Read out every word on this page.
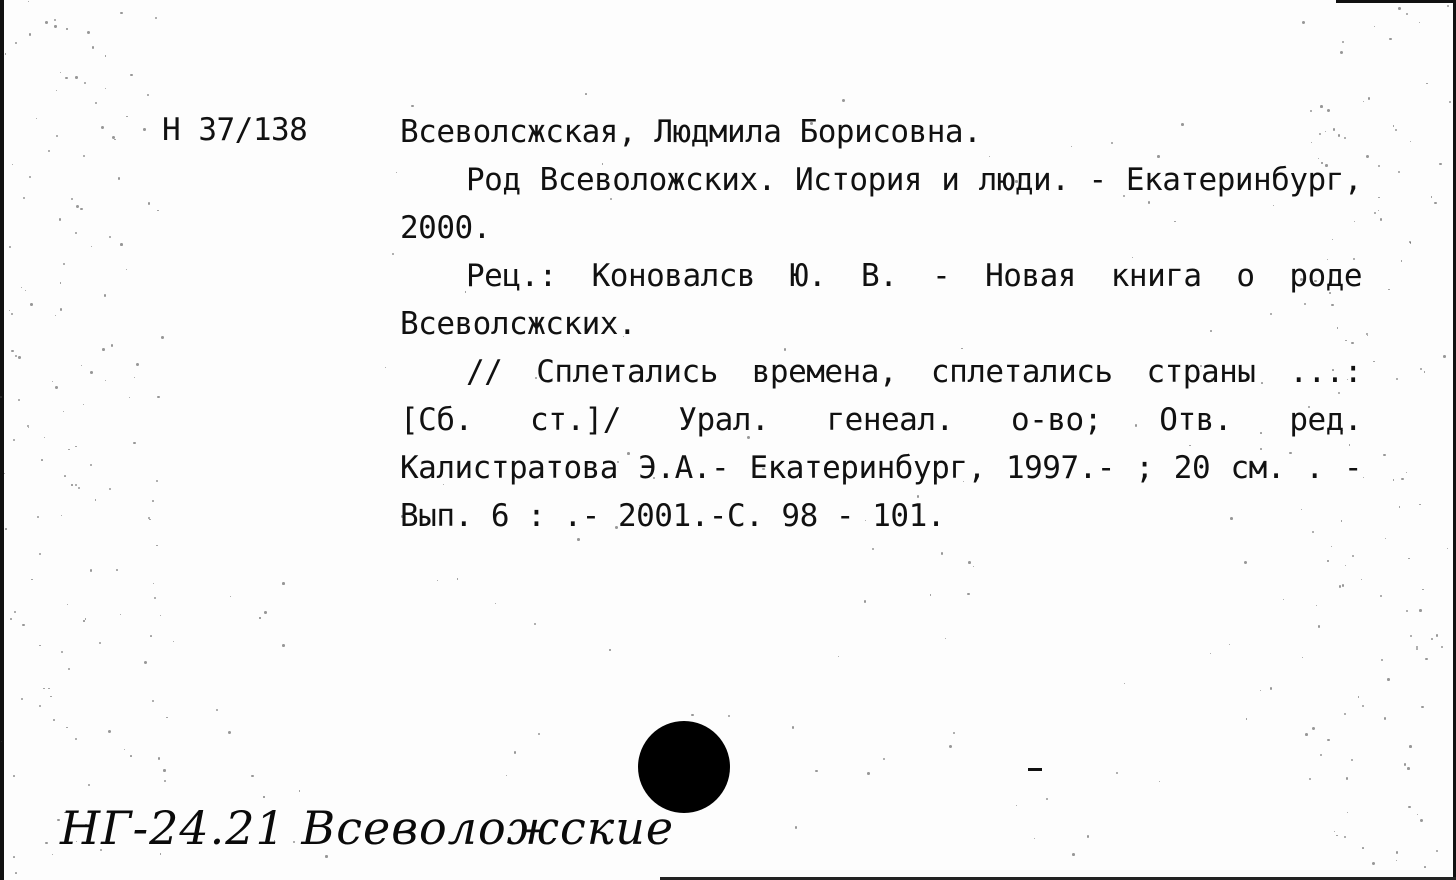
Н 37/138	Всеволсжская, Людмила Борисовна.

Род Всеволожских. История и люди. - Екатеринбург, 2000.

Рец.: Коновалсв Ю. В. - Новая книга о роде Всеволсжских.

// Сплетались времена, сплетались страны ...: [Сб. ст.]/ Урал. генеал. о-во; Отв. ред. Калистратова Э.А.- Екатеринбург, 1997.- ; 20 см. . - Вып. 6 : .- 2001.-С. 98 - 101.

НГ-24.21 Всеволожские
